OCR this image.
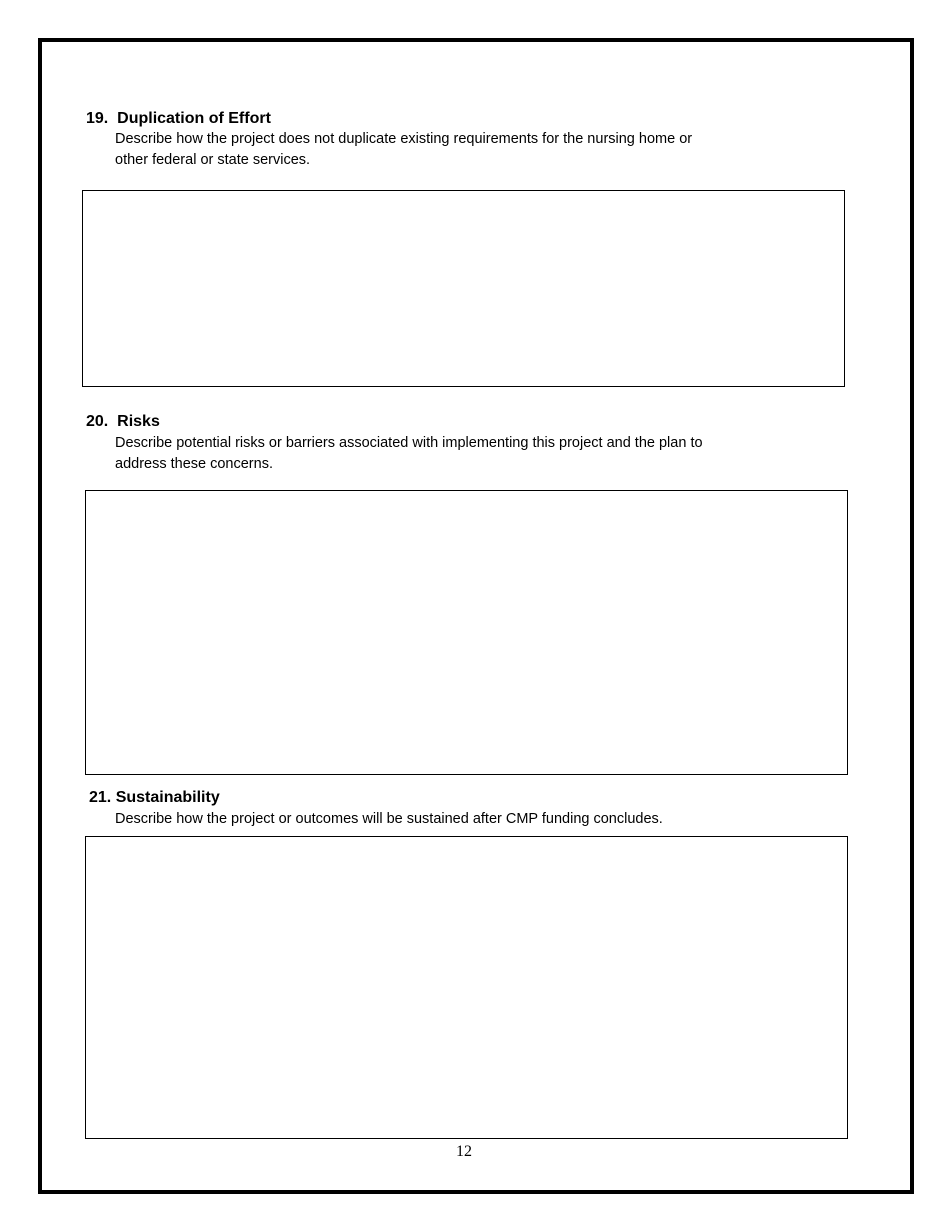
19. Duplication of Effort
Describe how the project does not duplicate existing requirements for the nursing home or
other federal or state services.
20. Risks
Describe potential risks or barriers associated with implementing this project and the plan to
address these concerns.
21. Sustainability
Describe how the project or outcomes will be sustained after CMP funding concludes.
12
